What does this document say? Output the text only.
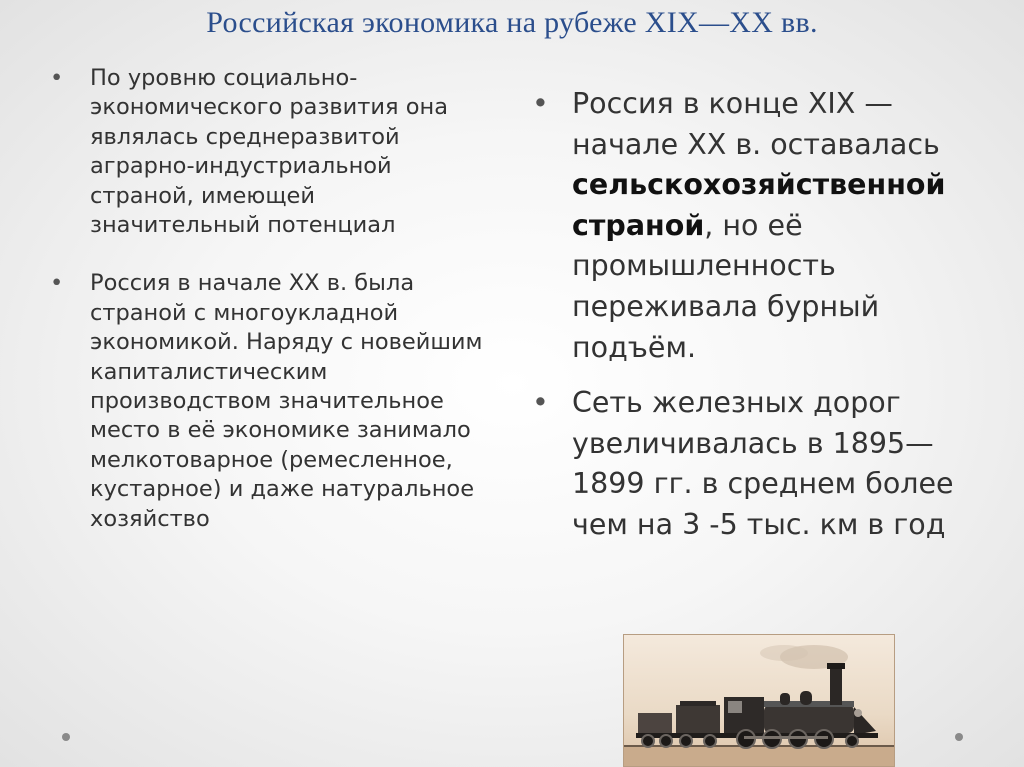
Российская экономика на рубеже XIX—XX вв.
• По уровню социально-экономического развития она являлась среднеразвитой аграрно-индустриальной страной, имеющей значительный потенциал
• Россия в начале XX в. была страной с многоукладной экономикой. Наряду с новейшим капиталистическим производством значительное место в её экономике занимало мелкотоварное (ремесленное, кустарное) и даже натуральное хозяйство
• Россия в конце XIX — начале XX в. оставалась сельскохозяйственной страной, но её промышленность переживала бурный подъём.
• Сеть железных дорог увеличивалась в 1895—1899 гг. в среднем более чем на 3 -5 тыс. км в год
